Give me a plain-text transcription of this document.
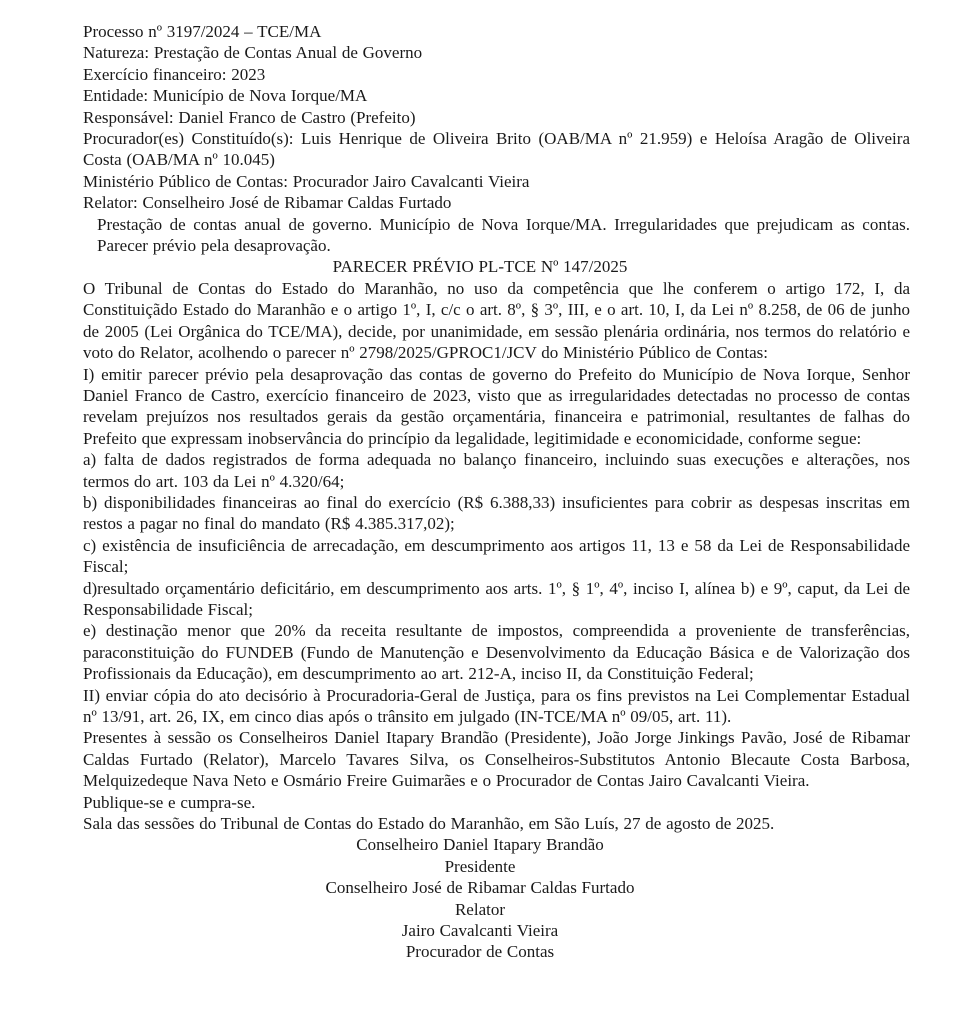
Processo nº 3197/2024 – TCE/MA

Natureza: Prestação de Contas Anual de Governo

Exercício financeiro: 2023

Entidade: Município de Nova Iorque/MA

Responsável: Daniel Franco de Castro (Prefeito)

Procurador(es) Constituído(s): Luis Henrique de Oliveira Brito (OAB/MA nº 21.959) e Heloísa Aragão de Oliveira Costa (OAB/MA nº 10.045)

Ministério Público de Contas: Procurador Jairo Cavalcanti Vieira

Relator: Conselheiro José de Ribamar Caldas Furtado

Prestação de contas anual de governo. Município de Nova Iorque/MA. Irregularidades que prejudicam as contas. Parecer prévio pela desaprovação.

PARECER PRÉVIO PL-TCE Nº 147/2025

O Tribunal de Contas do Estado do Maranhão, no uso da competência que lhe conferem o artigo 172, I, da Constituiçãdo Estado do Maranhão e o artigo 1º, I, c/c o art. 8º, § 3º, III, e o art. 10, I, da Lei nº 8.258, de 06 de junho de 2005 (Lei Orgânica do TCE/MA), decide, por unanimidade, em sessão plenária ordinária, nos termos do relatório e voto do Relator, acolhendo o parecer nº 2798/2025/GPROC1/JCV do Ministério Público de Contas:

I) emitir parecer prévio pela desaprovação das contas de governo do Prefeito do Município de Nova Iorque, Senhor Daniel Franco de Castro, exercício financeiro de 2023, visto que as irregularidades detectadas no processo de contas revelam prejuízos nos resultados gerais da gestão orçamentária, financeira e patrimonial, resultantes de falhas do Prefeito que expressam inobservância do princípio da legalidade, legitimidade e economicidade, conforme segue:

a) falta de dados registrados de forma adequada no balanço financeiro, incluindo suas execuções e alterações, nos termos do art. 103 da Lei nº 4.320/64;

b) disponibilidades financeiras ao final do exercício (R$ 6.388,33) insuficientes para cobrir as despesas inscritas em restos a pagar no final do mandato (R$ 4.385.317,02);

c) existência de insuficiência de arrecadação, em descumprimento aos artigos 11, 13 e 58 da Lei de Responsabilidade Fiscal;

d)resultado orçamentário deficitário, em descumprimento aos arts. 1º, § 1º, 4º, inciso I, alínea b) e 9º, caput, da Lei de Responsabilidade Fiscal;

e) destinação menor que 20% da receita resultante de impostos, compreendida a proveniente de transferências, paraconstituição do FUNDEB (Fundo de Manutenção e Desenvolvimento da Educação Básica e de Valorização dos Profissionais da Educação), em descumprimento ao art. 212-A, inciso II, da Constituição Federal;

II) enviar cópia do ato decisório à Procuradoria-Geral de Justiça, para os fins previstos na Lei Complementar Estadual nº 13/91, art. 26, IX, em cinco dias após o trânsito em julgado (IN-TCE/MA nº 09/05, art. 11).

Presentes à sessão os Conselheiros Daniel Itapary Brandão (Presidente), João Jorge Jinkings Pavão, José de Ribamar Caldas Furtado (Relator), Marcelo Tavares Silva, os Conselheiros-Substitutos Antonio Blecaute Costa Barbosa, Melquizedeque Nava Neto e Osmário Freire Guimarães e o Procurador de Contas Jairo Cavalcanti Vieira.

Publique-se e cumpra-se.

Sala das sessões do Tribunal de Contas do Estado do Maranhão, em São Luís, 27 de agosto de 2025.

Conselheiro Daniel Itapary Brandão

Presidente

Conselheiro José de Ribamar Caldas Furtado

Relator

Jairo Cavalcanti Vieira

Procurador de Contas
